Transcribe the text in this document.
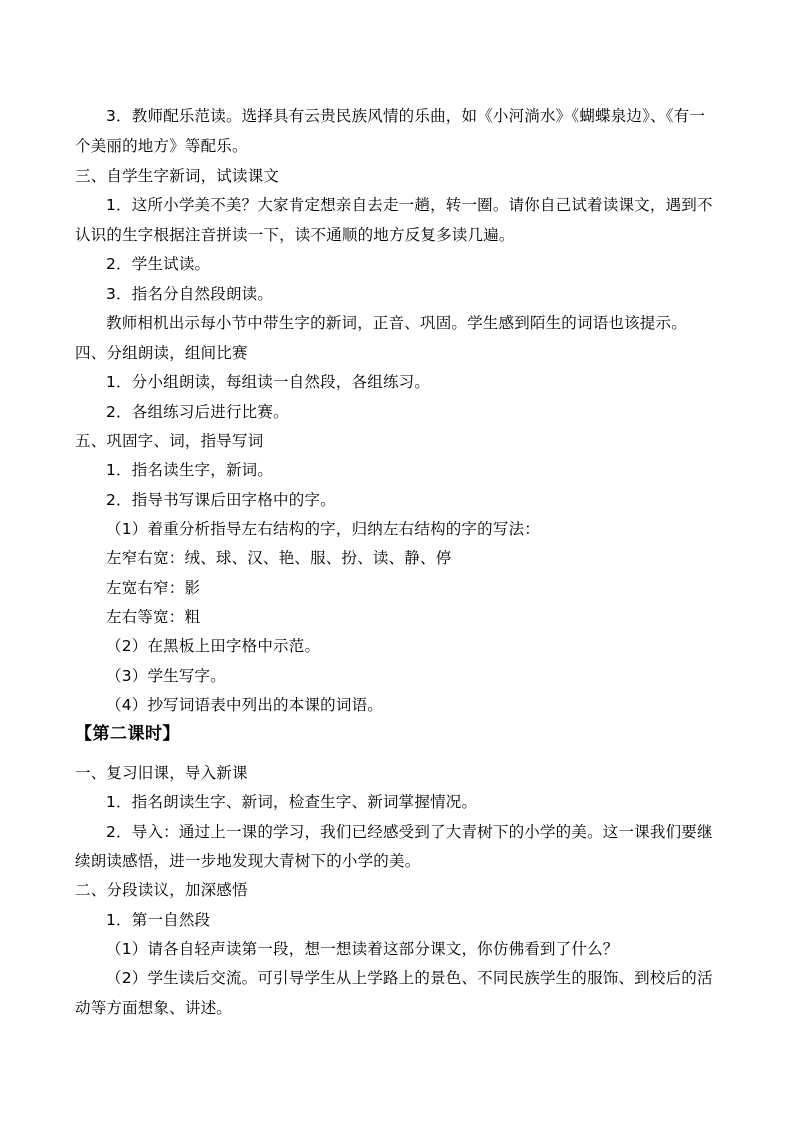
3．教师配乐范读。选择具有云贵民族风情的乐曲，如《小河淌水》《蝴蝶泉边》、《有一
个美丽的地方》等配乐。
三、自学生字新词，试读课文
1．这所小学美不美？大家肯定想亲自去走一趟，转一圈。请你自己试着读课文，遇到不
认识的生字根据注音拼读一下，读不通顺的地方反复多读几遍。
2．学生试读。
3．指名分自然段朗读。
教师相机出示每小节中带生字的新词，正音、巩固。学生感到陌生的词语也该提示。
四、分组朗读，组间比赛
1．分小组朗读，每组读一自然段，各组练习。
2．各组练习后进行比赛。
五、巩固字、词，指导写词
1．指名读生字，新词。
2．指导书写课后田字格中的字。
（1）着重分析指导左右结构的字，归纳左右结构的字的写法：
左窄右宽：绒、球、汉、艳、服、扮、读、静、停
左宽右窄：影
左右等宽：粗
（2）在黑板上田字格中示范。
（3）学生写字。
（4）抄写词语表中列出的本课的词语。
【第二课时】
一、复习旧课，导入新课
1．指名朗读生字、新词，检查生字、新词掌握情况。
2．导入：通过上一课的学习，我们已经感受到了大青树下的小学的美。这一课我们要继
续朗读感悟，进一步地发现大青树下的小学的美。
二、分段读议，加深感悟
1．第一自然段
（1）请各自轻声读第一段，想一想读着这部分课文，你仿佛看到了什么？
（2）学生读后交流。可引导学生从上学路上的景色、不同民族学生的服饰、到校后的活
动等方面想象、讲述。
